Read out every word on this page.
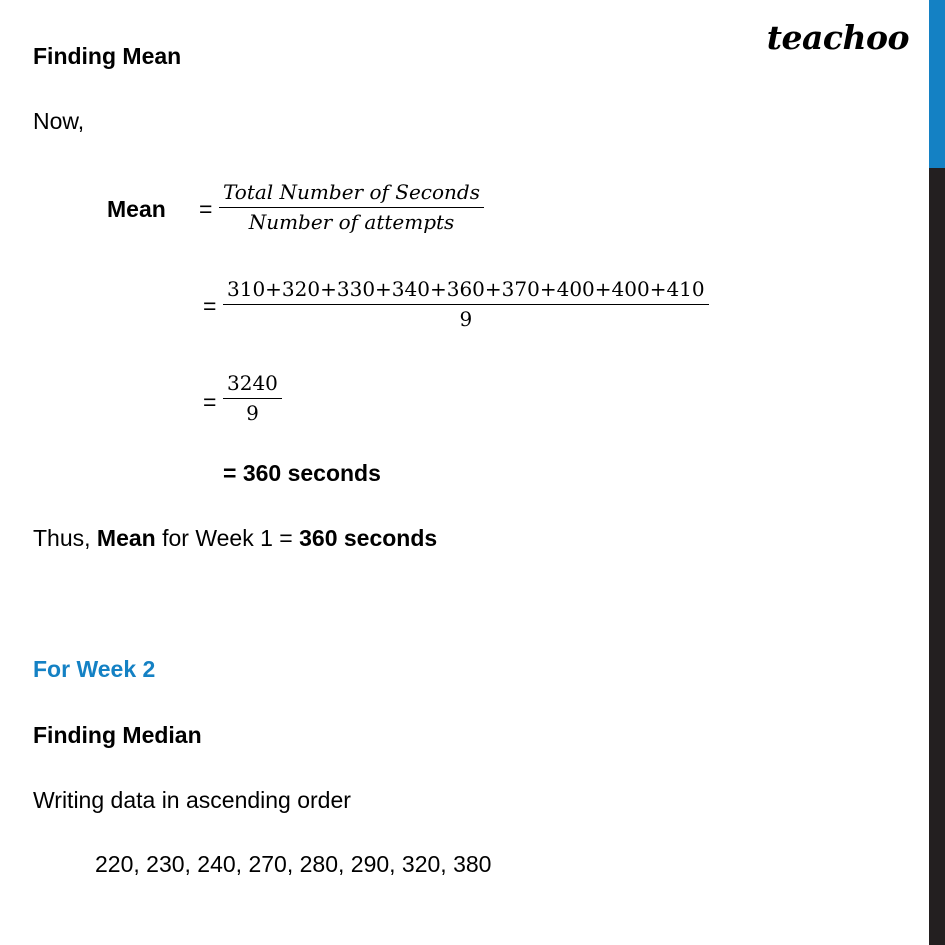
teachoo
Finding Mean
Now,
Mean =
Total Number of Seconds
Number of attempts
= $\frac{310+320+330+340+360+370+400+400+410}{9}$
= $\frac{3240}{9}$
= 360 seconds
Thus, Mean for Week 1 = 360 seconds
For Week 2
Finding Median
Writing data in ascending order
220, 230, 240, 270, 280, 290, 320, 380
